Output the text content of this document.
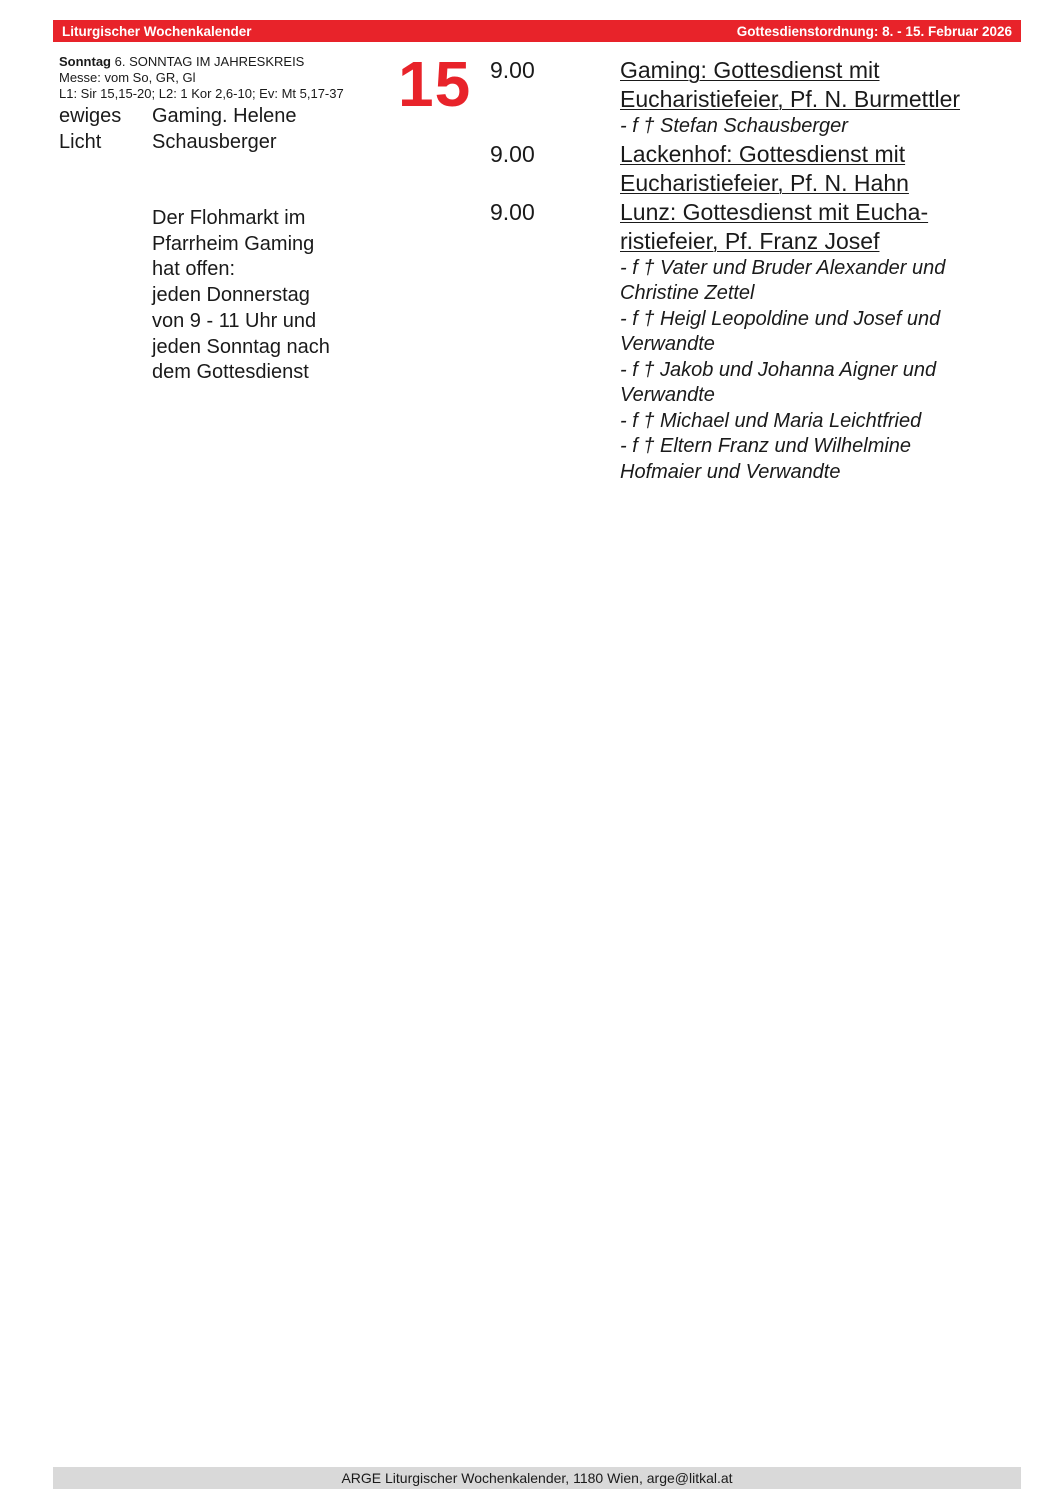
Liturgischer Wochenkalender	Gottesdienstordnung: 8. - 15. Februar 2026
Sonntag 6. SONNTAG IM JAHRESKREIS
Messe: vom So, GR, Gl
L1: Sir 15,15-20; L2: 1 Kor 2,6-10; Ev: Mt 5,17-37
ewiges
Licht
Gaming. Helene Schausberger
Der Flohmarkt im
Pfarrheim Gaming
hat offen:
jeden Donnerstag
von 9 - 11 Uhr und
jeden Sonntag nach
dem Gottesdienst
15 9.00	Gaming: Gottesdienst mit
Eucharistiefeier, Pf. N. Burmettler
- f † Stefan Schausberger
9.00	Lackenhof: Gottesdienst mit
Eucharistiefeier, Pf. N. Hahn
9.00	Lunz: Gottesdienst mit Eucha-
ristiefeier, Pf. Franz Josef
- f † Vater und Bruder Alexander und
Christine Zettel
- f † Heigl Leopoldine und Josef und
Verwandte
- f † Jakob und Johanna Aigner und
Verwandte
- f † Michael und Maria Leichtfried
- f † Eltern Franz und Wilhelmine
Hofmaier und Verwandte
ARGE Liturgischer Wochenkalender, 1180 Wien, arge@litkal.at
